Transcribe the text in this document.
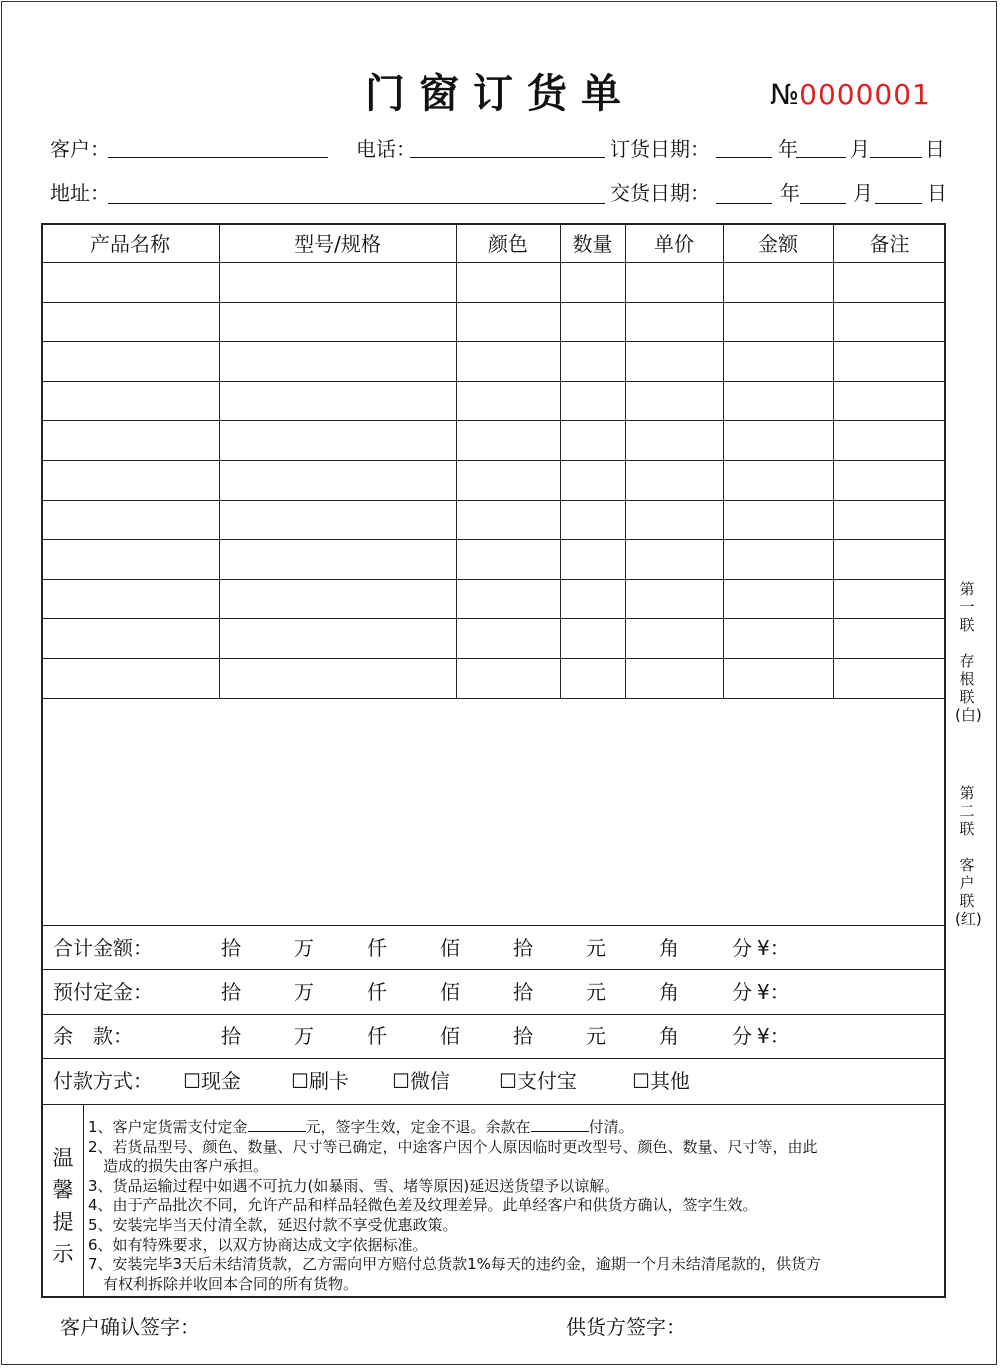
门窗订货单	№0000001
客户：	电话：	订货日期：	年	月	日
地址：	交货日期：	年	月	日
产品名称	型号/规格	颜色	数量	单价	金额	备注
合计金额：	拾	万	仟	佰	拾	元	角	分 ¥：
预付定金：	拾	万	仟	佰	拾	元	角	分 ¥：
余　款：	拾	万	仟	佰	拾	元	角	分 ¥：
付款方式： ☐现金	☐刷卡 ☐微信 ☐支付宝	☐其他
温
馨
提
示
1、客户定货需支付定金	元，签字生效，定金不退。余款在	付清。
2、若货品型号、颜色、数量、尺寸等已确定，中途客户因个人原因临时更改型号、颜色、数量、尺寸等，由此
造成的损失由客户承担。
3、货品运输过程中如遇不可抗力(如暴雨、雪、堵等原因)延迟送货望予以谅解。
4、由于产品批次不同，允许产品和样品轻微色差及纹理差异。此单经客户和供货方确认，签字生效。
5、安装完毕当天付清全款，延迟付款不享受优惠政策。
6、如有特殊要求，以双方协商达成文字依据标准。
7、安装完毕3天后未结清货款，乙方需向甲方赔付总货款1%每天的违约金，逾期一个月未结清尾款的，供货方
有权利拆除并收回本合同的所有货物。
客户确认签字：	供货方签字：
第一联
存根联(白)
第二联
客户联(红)
